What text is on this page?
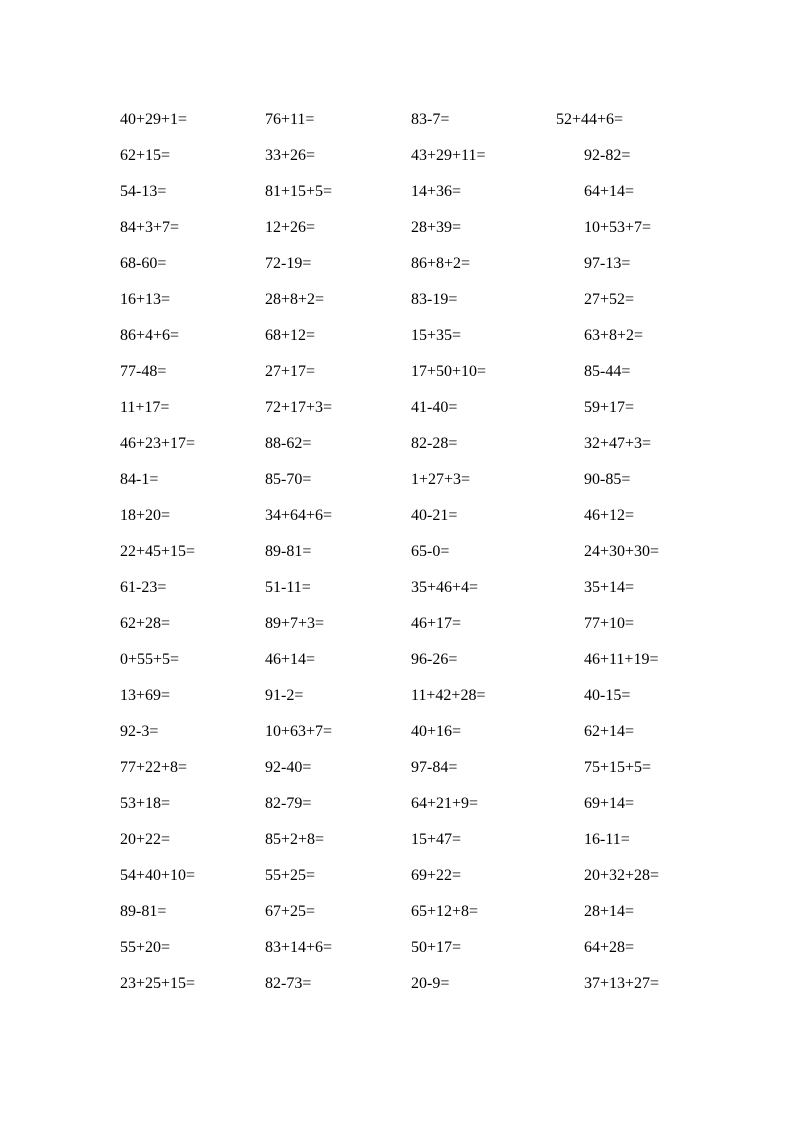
40+29+1=	76+11=	83-7=	52+44+6=
62+15=	33+26=	43+29+11=	92-82=
54-13=	81+15+5=	14+36=	64+14=
84+3+7=	12+26=	28+39=	10+53+7=
68-60=	72-19=	86+8+2=	97-13=
16+13=	28+8+2=	83-19=	27+52=
86+4+6=	68+12=	15+35=	63+8+2=
77-48=	27+17=	17+50+10=	85-44=
11+17=	72+17+3=	41-40=	59+17=
46+23+17=	88-62=	82-28=	32+47+3=
84-1=	85-70=	1+27+3=	90-85=
18+20=	34+64+6=	40-21=	46+12=
22+45+15=	89-81=	65-0=	24+30+30=
61-23=	51-11=	35+46+4=	35+14=
62+28=	89+7+3=	46+17=	77+10=
0+55+5=	46+14=	96-26=	46+11+19=
13+69=	91-2=	11+42+28=	40-15=
92-3=	10+63+7=	40+16=	62+14=
77+22+8=	92-40=	97-84=	75+15+5=
53+18=	82-79=	64+21+9=	69+14=
20+22=	85+2+8=	15+47=	16-11=
54+40+10=	55+25=	69+22=	20+32+28=
89-81=	67+25=	65+12+8=	28+14=
55+20=	83+14+6=	50+17=	64+28=
23+25+15=	82-73=	20-9=	37+13+27=
